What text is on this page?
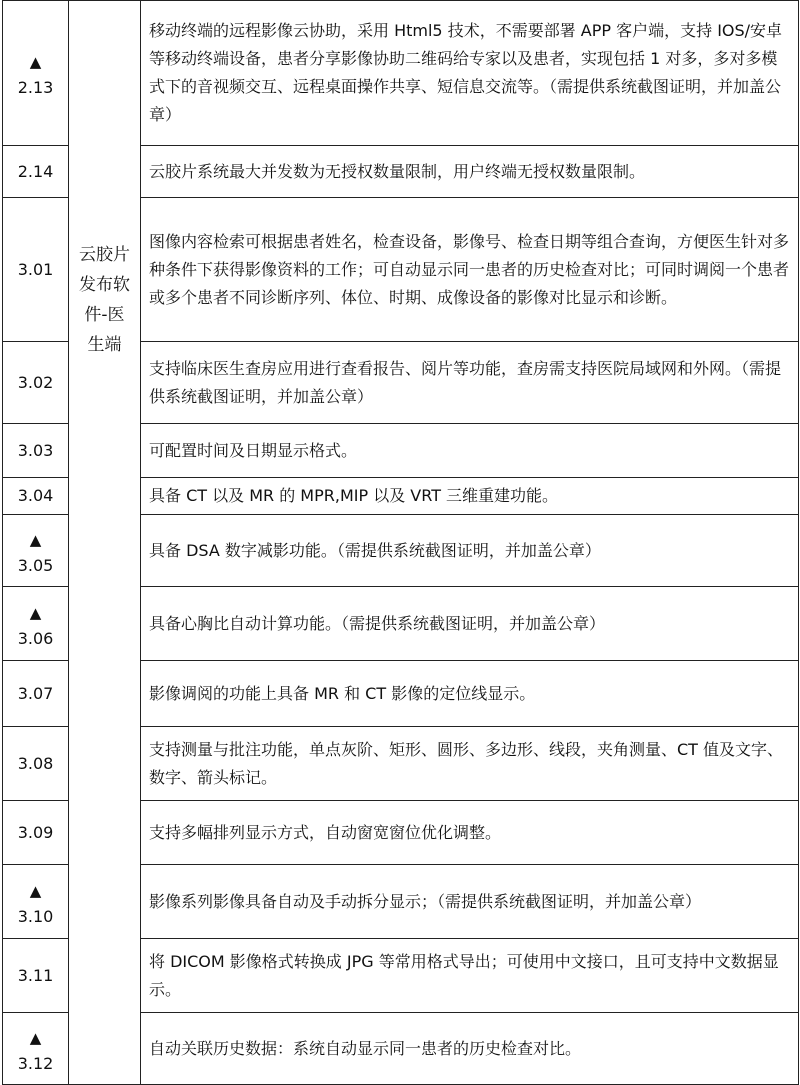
▲
2.13		移动终端的远程影像云协助，采用 Html5 技术，不需要部署 APP 客户端，支持 IOS/安卓等移动终端设备，患者分享影像协助二维码给专家以及患者，实现包括 1 对多，多对多模式下的音视频交互、远程桌面操作共享、短信息交流等。（需提供系统截图证明，并加盖公章）

2.14		云胶片系统最大并发数为无授权数量限制，用户终端无授权数量限制。

3.01	云胶片发布软件-医生端	图像内容检索可根据患者姓名，检查设备，影像号、检查日期等组合查询，方便医生针对多种条件下获得影像资料的工作；可自动显示同一患者的历史检查对比；可同时调阅一个患者或多个患者不同诊断序列、体位、时期、成像设备的影像对比显示和诊断。

3.02		支持临床医生查房应用进行查看报告、阅片等功能，查房需支持医院局域网和外网。（需提供系统截图证明，并加盖公章）

3.03		可配置时间及日期显示格式。

3.04		具备 CT 以及 MR 的 MPR,MIP 以及 VRT 三维重建功能。

▲
3.05		具备 DSA 数字减影功能。（需提供系统截图证明，并加盖公章）

▲
3.06		具备心胸比自动计算功能。（需提供系统截图证明，并加盖公章）

3.07		影像调阅的功能上具备 MR 和 CT 影像的定位线显示。

3.08		支持测量与批注功能，单点灰阶、矩形、圆形、多边形、线段，夹角测量、CT 值及文字、数字、箭头标记。

3.09		支持多幅排列显示方式，自动窗宽窗位优化调整。

▲
3.10		影像系列影像具备自动及手动拆分显示；（需提供系统截图证明，并加盖公章）

3.11		将 DICOM 影像格式转换成 JPG 等常用格式导出；可使用中文接口，且可支持中文数据显示。

▲
3.12		自动关联历史数据：系统自动显示同一患者的历史检查对比。
